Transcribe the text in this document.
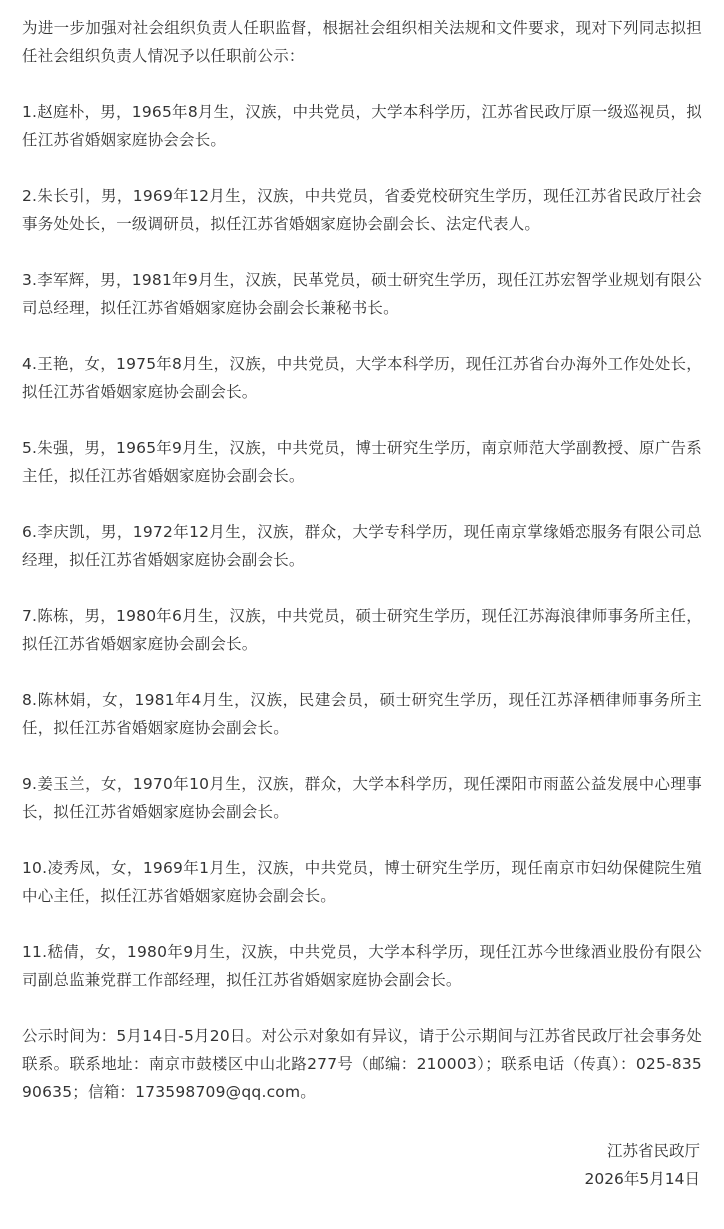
为进一步加强对社会组织负责人任职监督，根据社会组织相关法规和文件要求，现对下列同志拟担任社会组织负责人情况予以任职前公示：

1.赵庭朴，男，1965年8月生，汉族，中共党员，大学本科学历，江苏省民政厅原一级巡视员，拟任江苏省婚姻家庭协会会长。

2.朱长引，男，1969年12月生，汉族，中共党员，省委党校研究生学历，现任江苏省民政厅社会事务处处长，一级调研员，拟任江苏省婚姻家庭协会副会长、法定代表人。

3.李军辉，男，1981年9月生，汉族，民革党员，硕士研究生学历，现任江苏宏智学业规划有限公司总经理，拟任江苏省婚姻家庭协会副会长兼秘书长。

4.王艳，女，1975年8月生，汉族，中共党员，大学本科学历，现任江苏省台办海外工作处处长，拟任江苏省婚姻家庭协会副会长。

5.朱强，男，1965年9月生，汉族，中共党员，博士研究生学历，南京师范大学副教授、原广告系主任，拟任江苏省婚姻家庭协会副会长。

6.李庆凯，男，1972年12月生，汉族，群众，大学专科学历，现任南京掌缘婚恋服务有限公司总经理，拟任江苏省婚姻家庭协会副会长。

7.陈栋，男，1980年6月生，汉族，中共党员，硕士研究生学历，现任江苏海浪律师事务所主任，拟任江苏省婚姻家庭协会副会长。

8.陈林娟，女，1981年4月生，汉族，民建会员，硕士研究生学历，现任江苏泽栖律师事务所主任，拟任江苏省婚姻家庭协会副会长。

9.姜玉兰，女，1970年10月生，汉族，群众，大学本科学历，现任溧阳市雨蓝公益发展中心理事长，拟任江苏省婚姻家庭协会副会长。

10.凌秀凤，女，1969年1月生，汉族，中共党员，博士研究生学历，现任南京市妇幼保健院生殖中心主任，拟任江苏省婚姻家庭协会副会长。

11.嵇倩，女，1980年9月生，汉族，中共党员，大学本科学历，现任江苏今世缘酒业股份有限公司副总监兼党群工作部经理，拟任江苏省婚姻家庭协会副会长。

公示时间为：5月14日-5月20日。对公示对象如有异议，请于公示期间与江苏省民政厅社会事务处联系。联系地址：南京市鼓楼区中山北路277号（邮编：210003）；联系电话（传真）：025-83590635；信箱：173598709@qq.com。

江苏省民政厅
2026年5月14日
